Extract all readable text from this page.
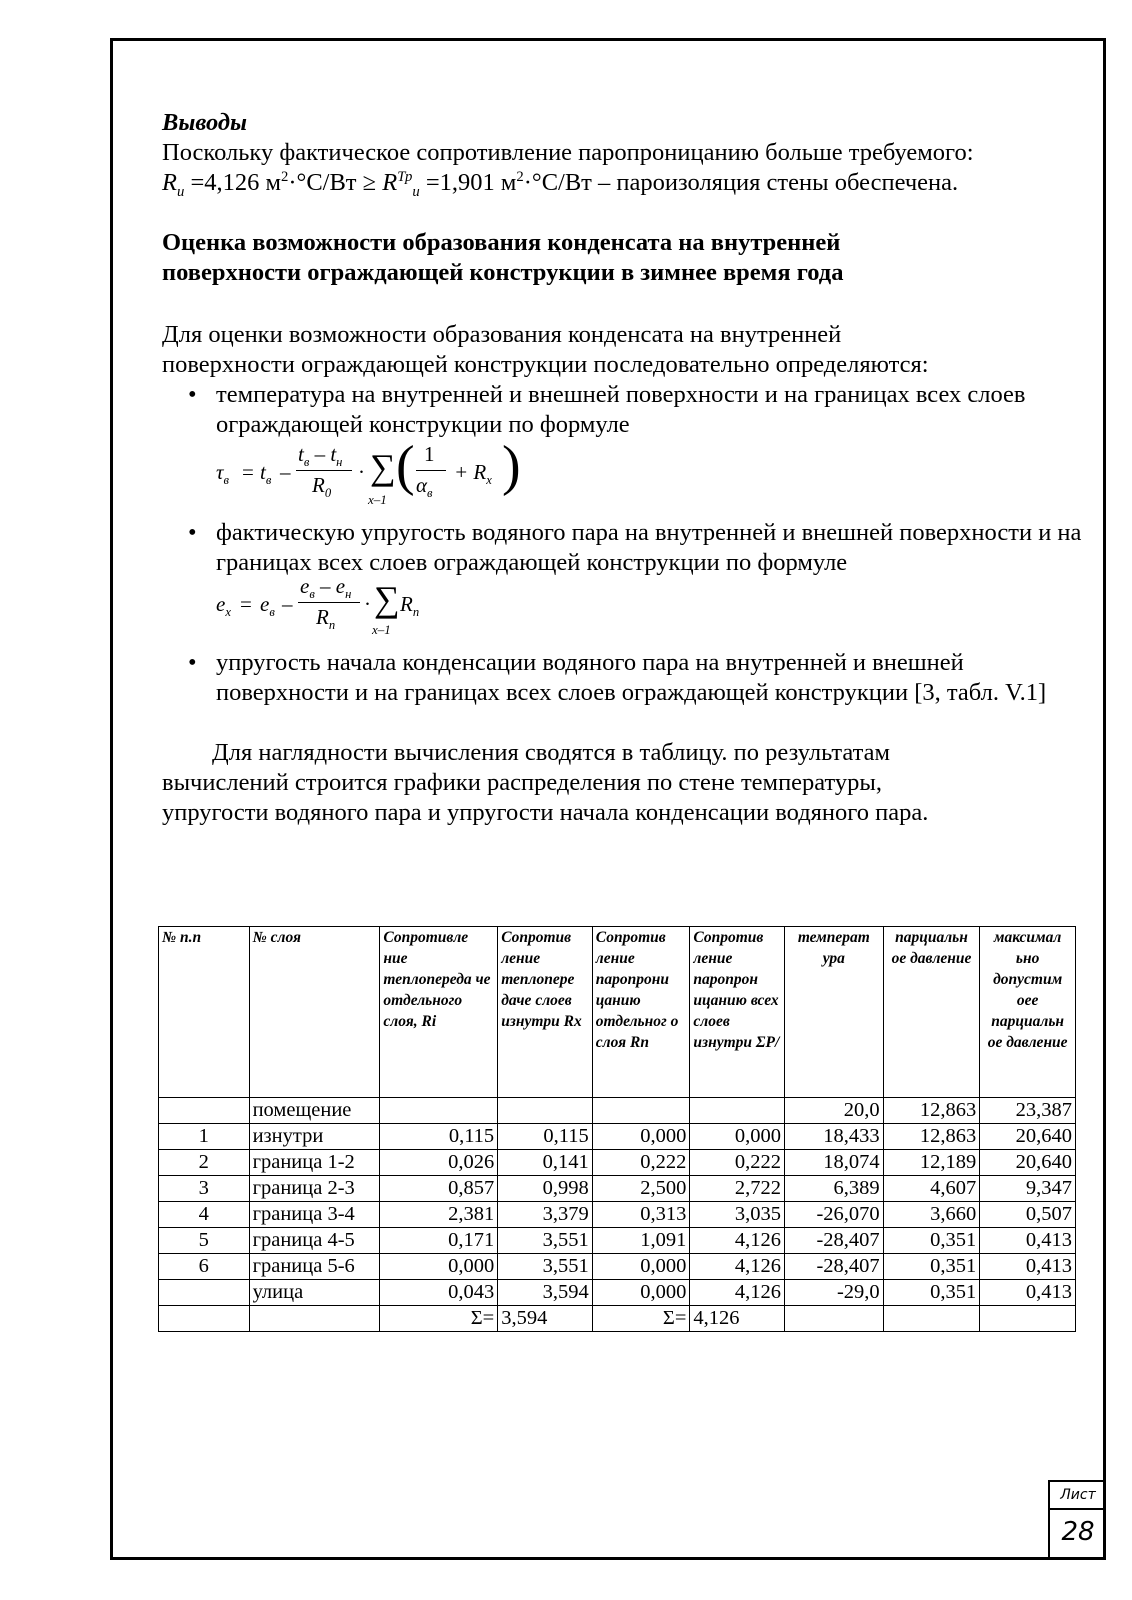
Выводы
Поскольку фактическое сопротивление паропроницанию больше требуемого:
$R_и =4,126$ $м^2\cdot^\circ С/Вт \ge R^{Тр}_и =1,901$ $м^2\cdot^\circ С/Вт$ – пароизоляция стены обеспечена.
Оценка возможности образования конденсата на внутренней
поверхности ограждающей конструкции в зимнее время года
Для оценки возможности образования конденсата на внутренней
поверхности ограждающей конструкции последовательно определяются:
• температура на внутренней и внешней поверхности и на границах всех слоев ограждающей конструкции по формуле
$\tau_в = t_в$ –
$t_в - t_н$
$R_0$
· ∑
x–1
( 1
$\alpha_в$
+ $R_x$ )
• фактическую упругость водяного пара на внутренней и внешней поверхности и на границах всех слоев ограждающей конструкции по формуле
$e_x = e_в$ –
$e_в - e_н$
$R_п$
· ∑
x–1
$R_п$
• упругость начала конденсации водяного пара на внутренней и внешней поверхности и на границах всех слоев ограждающей конструкции [3, табл. V.1]
Для наглядности вычисления сводятся в таблицу. по результатам
вычислений строится графики распределения по стене температуры,
упругости водяного пара и упругости начала конденсации водяного пара.
№ п.п	№ слоя	Сопротивле ние теплопереда че отдельного слоя, Ri	Сопротив ление теплопере даче слоев изнутри Rx	Сопротив ление паропрони цанию отдельног о слоя Rn	Сопротив ление паропрон ицанию всех слоев изнутри ΣP/	температ ура	парциальн ое давление	максимал ьно допустим оее парциальн ое давление
	помещение					20,0	12,863	23,387
1	изнутри	0,115	0,115	0,000	0,000	18,433	12,863	20,640
2	граница 1-2	0,026	0,141	0,222	0,222	18,074	12,189	20,640
3	граница 2-3	0,857	0,998	2,500	2,722	6,389	4,607	9,347
4	граница 3-4	2,381	3,379	0,313	3,035	-26,070	3,660	0,507
5	граница 4-5	0,171	3,551	1,091	4,126	-28,407	0,351	0,413
6	граница 5-6	0,000	3,551	0,000	4,126	-28,407	0,351	0,413
	улица	0,043	3,594	0,000	4,126	-29,0	0,351	0,413
		Σ=	3,594	Σ=	4,126			
Лист
28
